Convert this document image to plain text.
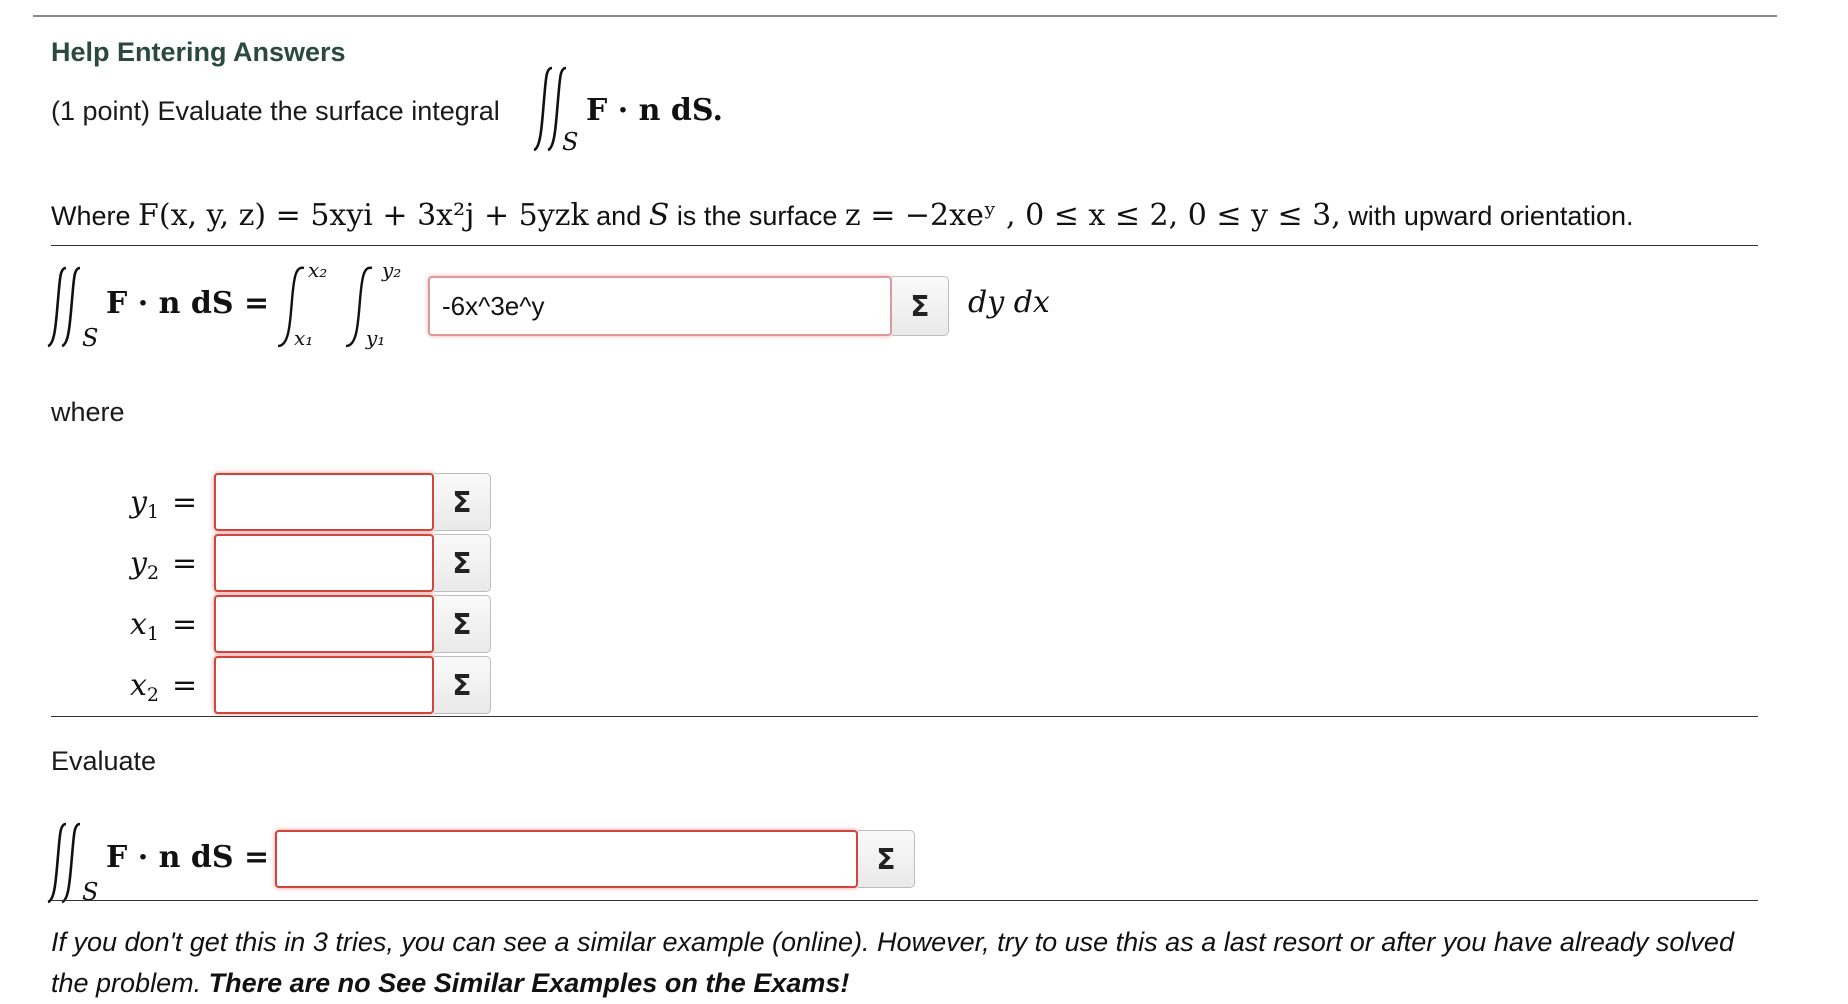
Help Entering Answers
(1 point) Evaluate the surface integral
S
F · n dS.
Where F(x, y, z) = 5xyi + 3x²j + 5yzk and S is the surface z = −2xeʸ , 0 ≤ x ≤ 2, 0 ≤ y ≤ 3, with upward orientation.
S
F · n dS =
x₂
x₁
y₂
y₁
-6x^3e^y
Σ dy dx
where
$y_1$ =	Σ
$y_2$ =	Σ
$x_1$ =	Σ
$x_2$ =	Σ
Evaluate
S
F · n dS =	Σ
If you don't get this in 3 tries, you can see a similar example (online). However, try to use this as a last resort or after you have already solved the problem. There are no See Similar Examples on the Exams!
